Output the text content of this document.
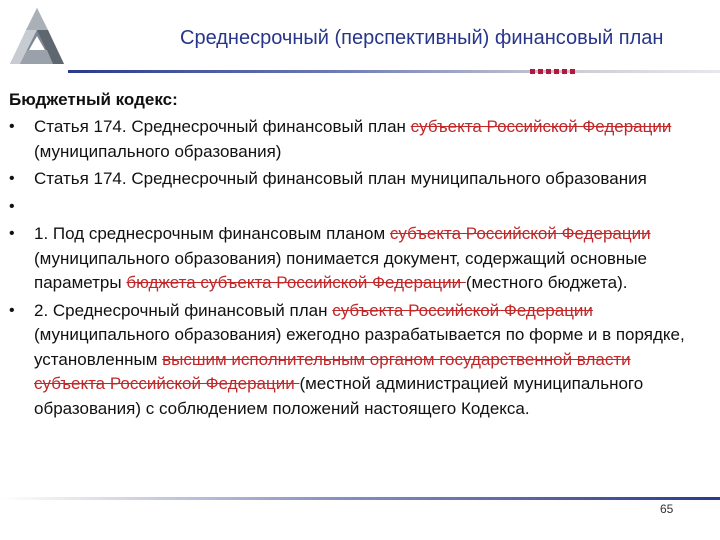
Среднесрочный (перспективный) финансовый план
Бюджетный кодекс:
• Статья 174. Среднесрочный финансовый план субъекта Российской Федерации (муниципального образования)
• Статья 174. Среднесрочный финансовый план муниципального образования
•
• 1. Под среднесрочным финансовым планом субъекта Российской Федерации (муниципального образования) понимается документ, содержащий основные параметры бюджета субъекта Российской Федерации (местного бюджета).
• 2. Среднесрочный финансовый план субъекта Российской Федерации (муниципального образования) ежегодно разрабатывается по форме и в порядке, установленным высшим исполнительным органом государственной власти субъекта Российской Федерации (местной администрацией муниципального образования) с соблюдением положений настоящего Кодекса.
65
